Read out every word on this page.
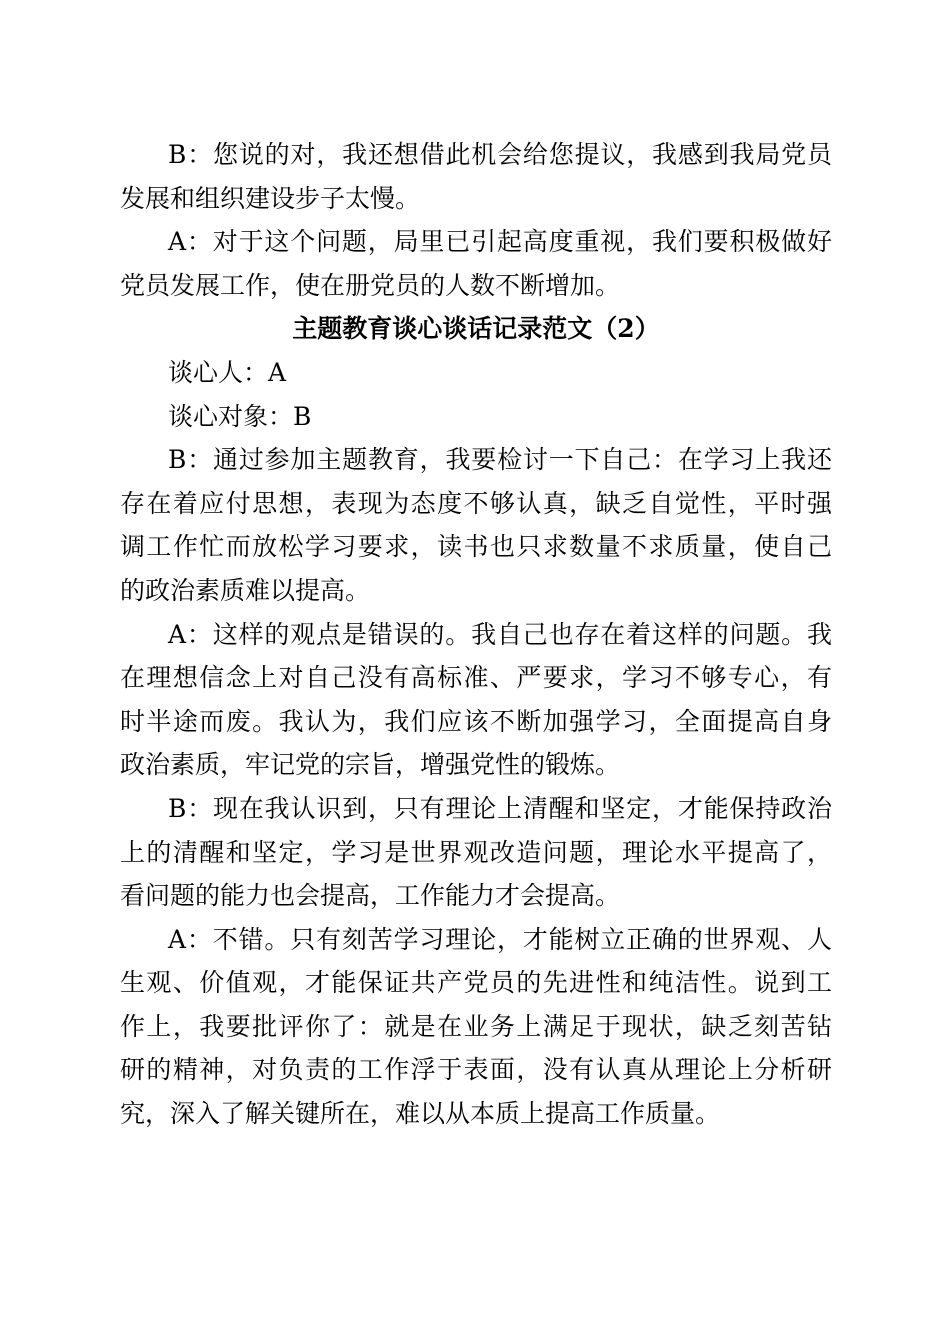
B：您说的对，我还想借此机会给您提议，我感到我局党员
发展和组织建设步子太慢。
A：对于这个问题，局里已引起高度重视，我们要积极做好
党员发展工作，使在册党员的人数不断增加。
主题教育谈心谈话记录范文（2）
谈心人：A
谈心对象：B
B：通过参加主题教育，我要检讨一下自己：在学习上我还
存在着应付思想，表现为态度不够认真，缺乏自觉性，平时强
调工作忙而放松学习要求，读书也只求数量不求质量，使自己
的政治素质难以提高。
A：这样的观点是错误的。我自己也存在着这样的问题。我
在理想信念上对自己没有高标准、严要求，学习不够专心，有
时半途而废。我认为，我们应该不断加强学习，全面提高自身
政治素质，牢记党的宗旨，增强党性的锻炼。
B：现在我认识到，只有理论上清醒和坚定，才能保持政治
上的清醒和坚定，学习是世界观改造问题，理论水平提高了，
看问题的能力也会提高，工作能力才会提高。
A：不错。只有刻苦学习理论，才能树立正确的世界观、人
生观、价值观，才能保证共产党员的先进性和纯洁性。说到工
作上，我要批评你了：就是在业务上满足于现状，缺乏刻苦钻
研的精神，对负责的工作浮于表面，没有认真从理论上分析研
究，深入了解关键所在，难以从本质上提高工作质量。
